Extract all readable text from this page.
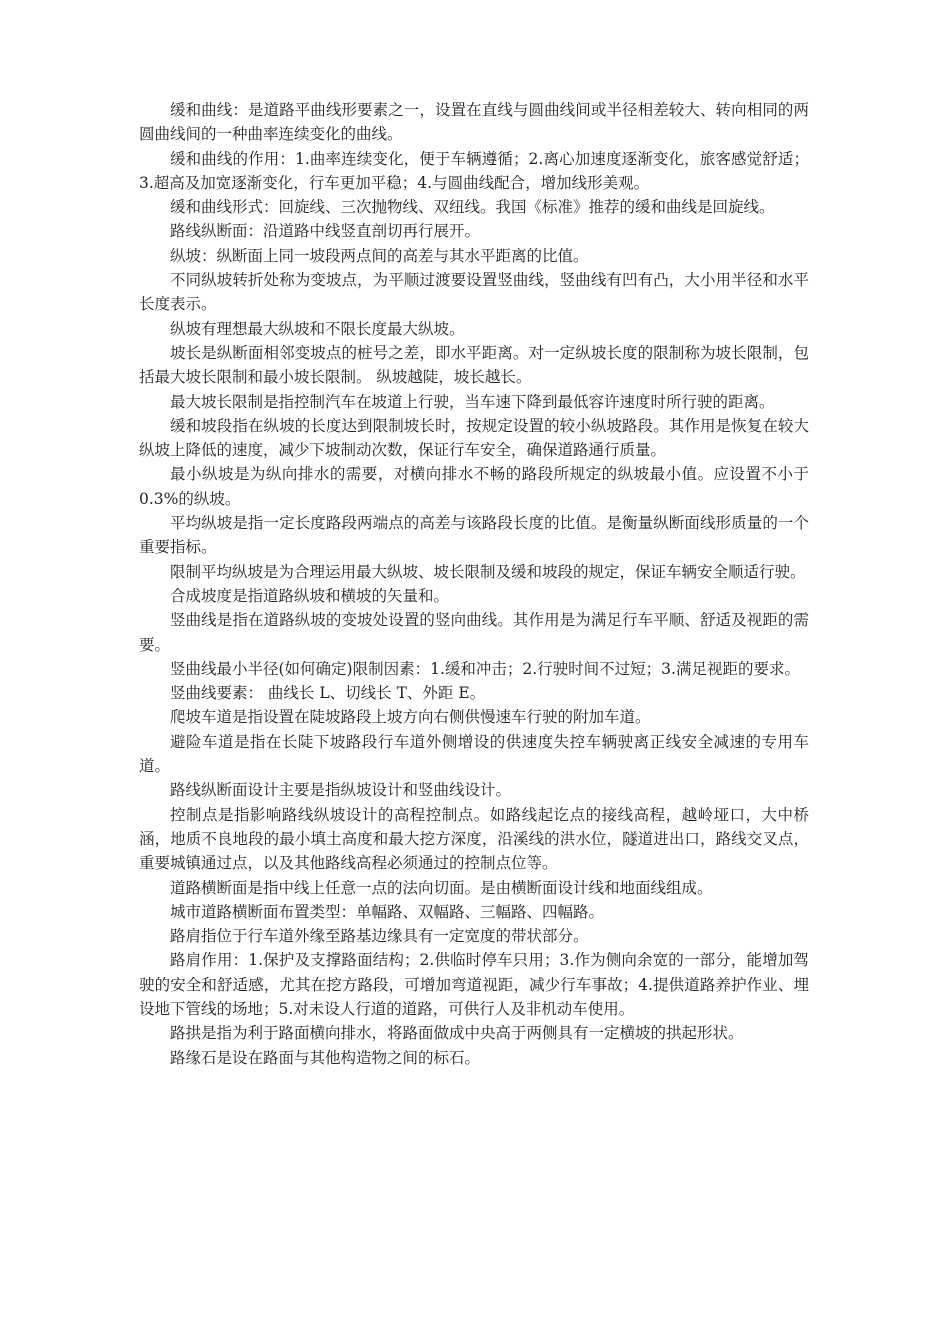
缓和曲线：是道路平曲线形要素之一，设置在直线与圆曲线间或半径相差较大、转向相同的两圆曲线间的一种曲率连续变化的曲线。

缓和曲线的作用：1.曲率连续变化，便于车辆遵循；2.离心加速度逐渐变化，旅客感觉舒适；3.超高及加宽逐渐变化，行车更加平稳；4.与圆曲线配合，增加线形美观。

缓和曲线形式：回旋线、三次抛物线、双纽线。我国《标准》推荐的缓和曲线是回旋线。

路线纵断面：沿道路中线竖直剖切再行展开。

纵坡：纵断面上同一坡段两点间的高差与其水平距离的比值。

不同纵坡转折处称为变坡点，为平顺过渡要设置竖曲线，竖曲线有凹有凸，大小用半径和水平长度表示。

纵坡有理想最大纵坡和不限长度最大纵坡。

坡长是纵断面相邻变坡点的桩号之差，即水平距离。对一定纵坡长度的限制称为坡长限制，包括最大坡长限制和最小坡长限制。 纵坡越陡，坡长越长。

最大坡长限制是指控制汽车在坡道上行驶，当车速下降到最低容许速度时所行驶的距离。

缓和坡段指在纵坡的长度达到限制坡长时，按规定设置的较小纵坡路段。其作用是恢复在较大纵坡上降低的速度，减少下坡制动次数，保证行车安全，确保道路通行质量。

最小纵坡是为纵向排水的需要，对横向排水不畅的路段所规定的纵坡最小值。应设置不小于 0.3%的纵坡。

平均纵坡是指一定长度路段两端点的高差与该路段长度的比值。是衡量纵断面线形质量的一个重要指标。

限制平均纵坡是为合理运用最大纵坡、坡长限制及缓和坡段的规定，保证车辆安全顺适行驶。

合成坡度是指道路纵坡和横坡的矢量和。

竖曲线是指在道路纵坡的变坡处设置的竖向曲线。其作用是为满足行车平顺、舒适及视距的需要。

竖曲线最小半径(如何确定)限制因素：1.缓和冲击；2.行驶时间不过短；3.满足视距的要求。

竖曲线要素： 曲线长 L、切线长 T、外距 E。

爬坡车道是指设置在陡坡路段上坡方向右侧供慢速车行驶的附加车道。

避险车道是指在长陡下坡路段行车道外侧增设的供速度失控车辆驶离正线安全减速的专用车道。

路线纵断面设计主要是指纵坡设计和竖曲线设计。

控制点是指影响路线纵坡设计的高程控制点。如路线起讫点的接线高程，越岭垭口，大中桥涵，地质不良地段的最小填土高度和最大挖方深度，沿溪线的洪水位，隧道进出口，路线交叉点，重要城镇通过点，以及其他路线高程必须通过的控制点位等。

道路横断面是指中线上任意一点的法向切面。是由横断面设计线和地面线组成。

城市道路横断面布置类型：单幅路、双幅路、三幅路、四幅路。

路肩指位于行车道外缘至路基边缘具有一定宽度的带状部分。

路肩作用：1.保护及支撑路面结构；2.供临时停车只用；3.作为侧向余宽的一部分，能增加驾驶的安全和舒适感，尤其在挖方路段，可增加弯道视距，减少行车事故；4.提供道路养护作业、埋设地下管线的场地；5.对未设人行道的道路，可供行人及非机动车使用。

路拱是指为利于路面横向排水，将路面做成中央高于两侧具有一定横坡的拱起形状。

路缘石是设在路面与其他构造物之间的标石。
